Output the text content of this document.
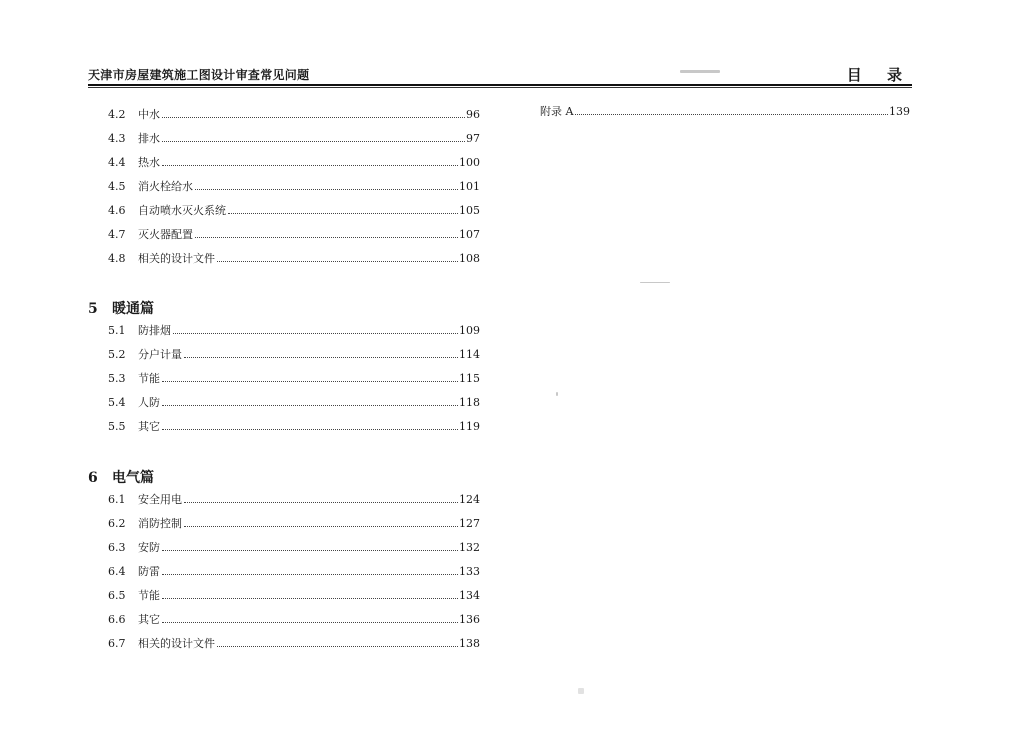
天津市房屋建筑施工图设计审查常见问题	目 录
4.2	中水	96
4.3	排水	97
4.4	热水	100
4.5	消火栓给水	101
4.6	自动喷水灭火系统	105
4.7	灭火器配置	107
4.8	相关的设计文件	108
5 暖通篇
5.1	防排烟	109
5.2	分户计量	114
5.3	节能	115
5.4	人防	118
5.5	其它	119
6 电气篇
6.1	安全用电	124
6.2	消防控制	127
6.3	安防	132
6.4	防雷	133
6.5	节能	134
6.6	其它	136
6.7	相关的设计文件	138
附录 A	139
